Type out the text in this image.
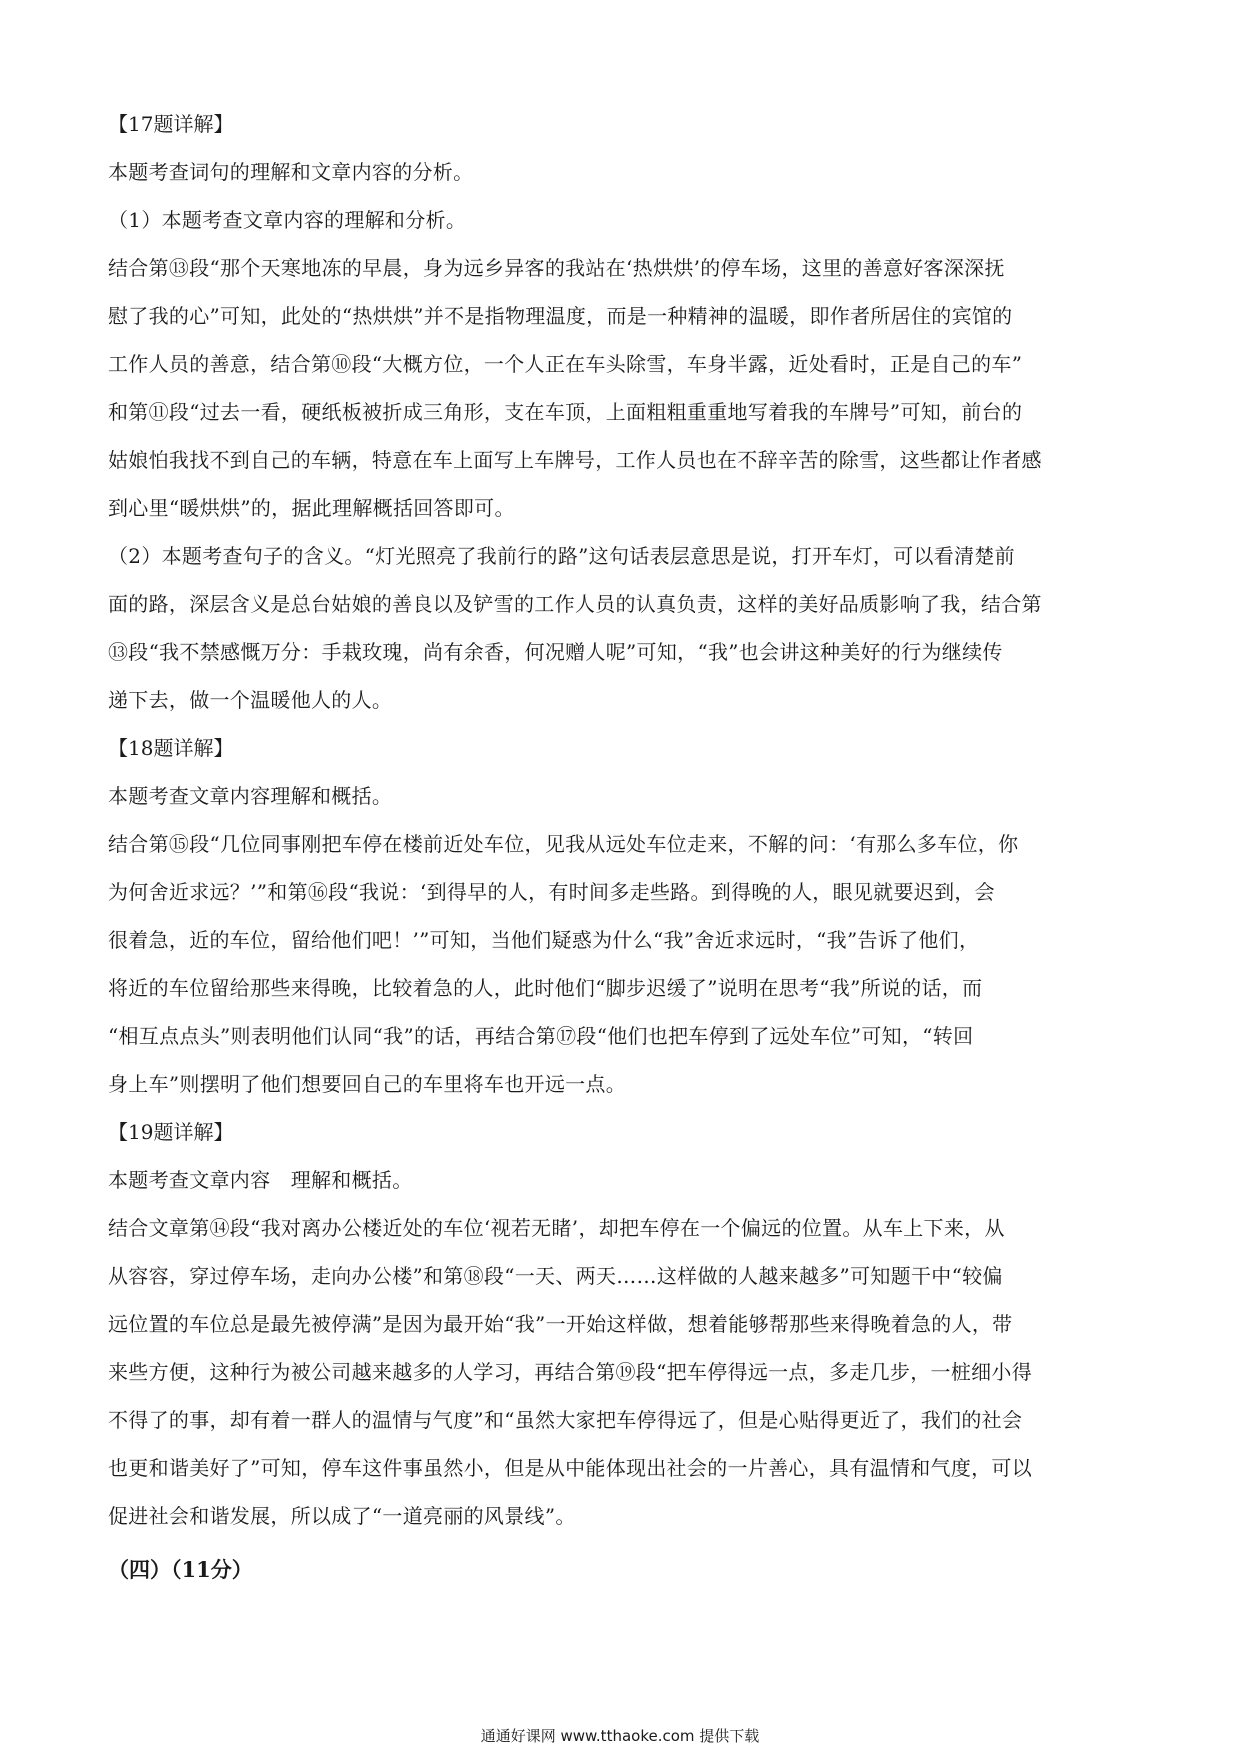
【17题详解】
本题考查词句的理解和文章内容的分析。
（1）本题考查文章内容的理解和分析。
结合第⑬段“那个天寒地冻的早晨，身为远乡异客的我站在‘热烘烘’的停车场，这里的善意好客深深抚
慰了我的心”可知，此处的“热烘烘”并不是指物理温度，而是一种精神的温暖，即作者所居住的宾馆的
工作人员的善意，结合第⑩段“大概方位，一个人正在车头除雪，车身半露，近处看时，正是自己的车”
和第⑪段“过去一看，硬纸板被折成三角形，支在车顶，上面粗粗重重地写着我的车牌号”可知，前台的
姑娘怕我找不到自己的车辆，特意在车上面写上车牌号，工作人员也在不辞辛苦的除雪，这些都让作者感
到心里“暖烘烘”的，据此理解概括回答即可。
（2）本题考查句子的含义。“灯光照亮了我前行的路”这句话表层意思是说，打开车灯，可以看清楚前
面的路，深层含义是总台姑娘的善良以及铲雪的工作人员的认真负责，这样的美好品质影响了我，结合第
⑬段“我不禁感慨万分：手栽玫瑰，尚有余香，何况赠人呢”可知，“我”也会讲这种美好的行为继续传
递下去，做一个温暖他人的人。
【18题详解】
本题考查文章内容理解和概括。
结合第⑮段“几位同事刚把车停在楼前近处车位，见我从远处车位走来，不解的问：‘有那么多车位，你
为何舍近求远？’”和第⑯段“我说：‘到得早的人，有时间多走些路。到得晚的人，眼见就要迟到，会
很着急，近的车位，留给他们吧！’”可知，当他们疑惑为什么“我”舍近求远时，“我”告诉了他们，
将近的车位留给那些来得晚，比较着急的人，此时他们“脚步迟缓了”说明在思考“我”所说的话，而
“相互点点头”则表明他们认同“我”的话，再结合第⑰段“他们也把车停到了远处车位”可知，“转回
身上车”则摆明了他们想要回自己的车里将车也开远一点。
【19题详解】
本题考查文章内容　理解和概括。
结合文章第⑭段“我对离办公楼近处的车位‘视若无睹’，却把车停在一个偏远的位置。从车上下来，从
从容容，穿过停车场，走向办公楼”和第⑱段“一天、两天……这样做的人越来越多”可知题干中“较偏
远位置的车位总是最先被停满”是因为最开始“我”一开始这样做，想着能够帮那些来得晚着急的人，带
来些方便，这种行为被公司越来越多的人学习，再结合第⑲段“把车停得远一点，多走几步，一桩细小得
不得了的事，却有着一群人的温情与气度”和“虽然大家把车停得远了，但是心贴得更近了，我们的社会
也更和谐美好了”可知，停车这件事虽然小，但是从中能体现出社会的一片善心，具有温情和气度，可以
促进社会和谐发展，所以成了“一道亮丽的风景线”。
（四）（11分）
通通好课网 www.tthaoke.com 提供下载
